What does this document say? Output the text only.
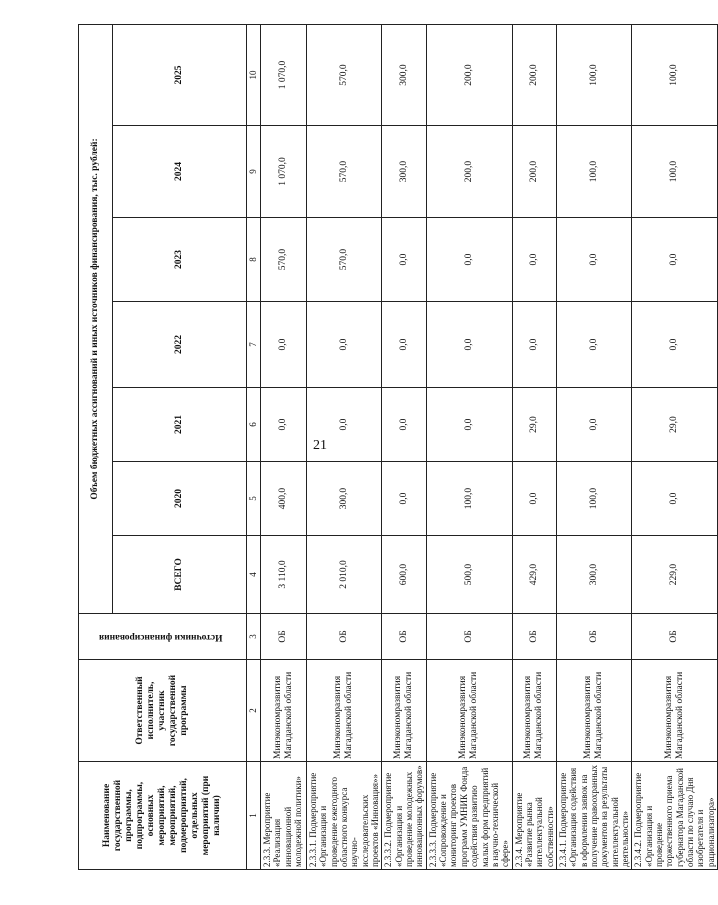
21
Наименование государственной программы, подпрограммы, основных мероприятий, мероприятий, подмероприятий, отдельных мероприятий (при наличии)	Ответственный исполнитель, участник государственной программы	Источники финансирования	Объем бюджетных ассигнований и иных источников финансирования, тыс. рублей:						
			ВСЕГО	2020	2021	2022	2023	2024	2025
1	2	3	4	5	6	7	8	9	10
2.3.3. Мероприятие «Реализация инновационной молодежной политики»	Минэкономразвития Магаданской области	ОБ	3 110,0	400,0	0,0	0,0	570,0	1 070,0	1 070,0
2.3.3.1. Подмероприятие «Организация и проведение ежегодного областного конкурса научно- исследовательских проектов «Инновация»»	Минэкономразвития Магаданской области	ОБ	2 010,0	300,0	0,0	0,0	570,0	570,0	570,0
2.3.3.2. Подмероприятие «Организация и проведение молодежных инновационных форумов»	Минэкономразвития Магаданской области	ОБ	600,0	0,0	0,0	0,0	0,0	300,0	300,0
2.3.3.3. Подмероприятие «Сопровождение и мониторинг проектов программ УМНИК Фонда содействия развитию малых форм предприятий в научно-технической сфере»	Минэкономразвития Магаданской области	ОБ	500,0	100,0	0,0	0,0	0,0	200,0	200,0
2.3.4. Мероприятие «Развитие рынка интеллектуальной собственности»	Минэкономразвития Магаданской области	ОБ	429,0	0,0	29,0	0,0	0,0	200,0	200,0
2.3.4.1. Подмероприятие «Организация содействия в оформлении заявок на получение правоохранных документов на результаты интеллектуальной деятельности»	Минэкономразвития Магаданской области	ОБ	300,0	100,0	0,0	0,0	0,0	100,0	100,0
2.3.4.2. Подмероприятие «Организация и проведение торжественного приема губернатора Магаданской области по случаю Дня изобретателя и рационализатора»	Минэкономразвития Магаданской области	ОБ	229,0	0,0	29,0	0,0	0,0	100,0	100,0
